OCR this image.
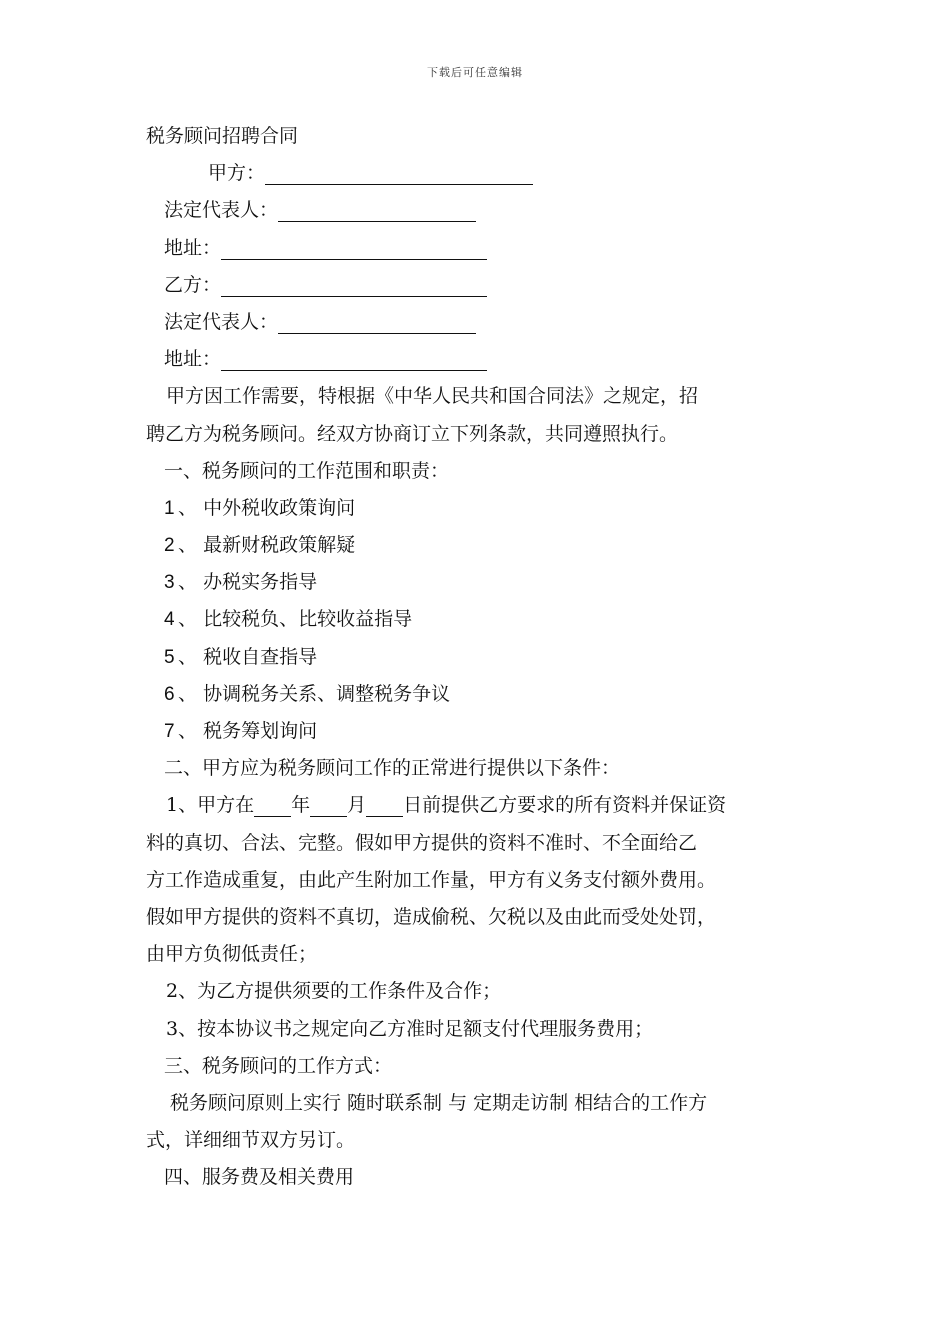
下载后可任意编辑
税务顾问招聘合同
甲方：
法定代表人：
地址：
乙方：
法定代表人：
地址：
甲方因工作需要，特根据《中华人民共和国合同法》之规定，招
聘乙方为税务顾问。经双方协商订立下列条款，共同遵照执行。
一、税务顾问的工作范围和职责：
1 、 中外税收政策询问
2 、 最新财税政策解疑
3 、 办税实务指导
4 、 比较税负、比较收益指导
5 、 税收自查指导
6 、 协调税务关系、调整税务争议
7 、 税务筹划询问
二、甲方应为税务顾问工作的正常进行提供以下条件：
1、甲方在 年 月 日前提供乙方要求的所有资料并保证资
料的真切、合法、完整。假如甲方提供的资料不准时、不全面给乙
方工作造成重复，由此产生附加工作量，甲方有义务支付额外费用。
假如甲方提供的资料不真切，造成偷税、欠税以及由此而受处处罚，
由甲方负彻低责任；
2、为乙方提供须要的工作条件及合作；
3、按本协议书之规定向乙方准时足额支付代理服务费用；
三、税务顾问的工作方式：
税务顾问原则上实行 随时联系制 与 定期走访制 相结合的工作方
式，详细细节双方另订。
四、服务费及相关费用
